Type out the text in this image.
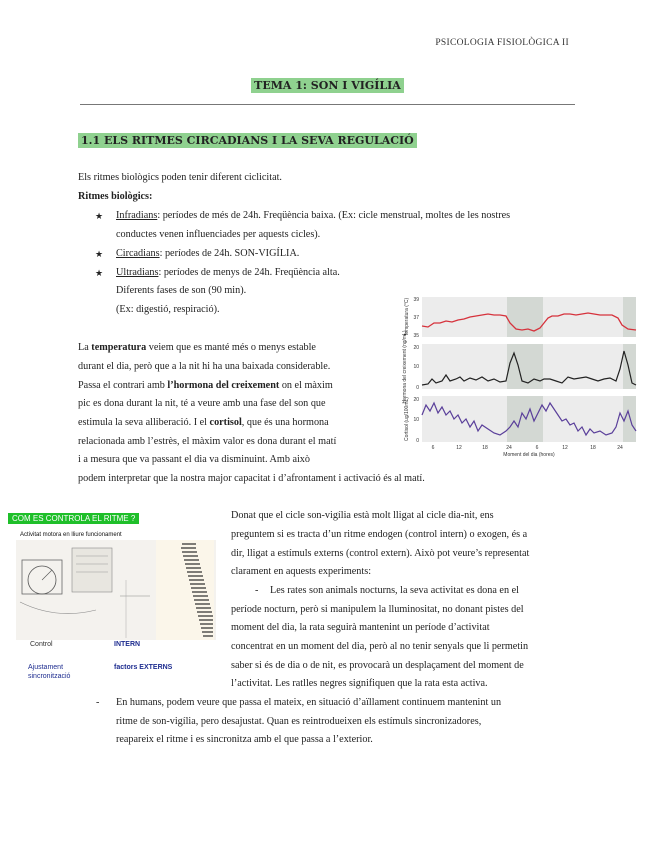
PSICOLOGIA FISIOLÒGICA II
TEMA 1: SON I VIGÍLIA
1.1 ELS RITMES CIRCADIANS I LA SEVA REGULACIÓ
Els ritmes biològics poden tenir diferent ciclicitat.
Ritmes biològics:
★ Infradians: períodes de més de 24h. Freqüència baixa. (Ex: cicle menstrual, moltes de les nostres
conductes venen influenciades per aquests cicles).
★ Circadians: períodes de 24h. SON-VIGÍLIA.
★ Ultradians: períodes de menys de 24h. Freqüència alta.
Diferents fases de son (90 min).
(Ex: digestió, respiració).
La temperatura veiem que es manté més o menys estable
durant el dia, però que a la nit hi ha una baixada considerable.
Passa el contrari amb l’hormona del creixement on el màxim
pic es dona durant la nit, té a veure amb una fase del son que
estimula la seva alliberació. I el cortisol, que és una hormona
relacionada amb l’estrès, el màxim valor es dona durant el matí
i a mesura que va passant el dia va disminuint. Amb això
podem interpretar que la nostra major capacitat i d’afrontament i activació és al matí.
Temperatura (°C)
Hormona del creixement (ng/mL)
Cortisol (ug/100mL)
39
37
35
20
10
0
20
10
0
6	12	18	24	6	12	18	24
Moment del dia (hores)
COM ES CONTROLA EL RITME ?
Activitat motora en lliure funcionament
Control	INTERN
Ajustament
sincronització
factors EXTERNS
Donat que el cicle son-vigília està molt lligat al cicle dia-nit, ens
preguntem si es tracta d’un ritme endogen (control intern) o exogen, és a
dir, lligat a estímuls externs (control extern). Això pot veure’s representat
clarament en aquests experiments:
- Les rates son animals nocturns, la seva activitat es dona en el
període nocturn, però si manipulem la lluminositat, no donant pistes del
moment del dia, la rata seguirà mantenint un període d’activitat
concentrat en un moment del dia, però al no tenir senyals que li permetin
saber si és de dia o de nit, es provocarà un desplaçament del moment de
l’activitat. Les ratlles negres signifiquen que la rata esta activa.
- En humans, podem veure que passa el mateix, en situació d’aïllament continuem mantenint un
ritme de son-vigília, pero desajustat. Quan es reintrodueixen els estímuls sincronizadores,
reapareix el ritme i es sincronitza amb el que passa a l’exterior.
